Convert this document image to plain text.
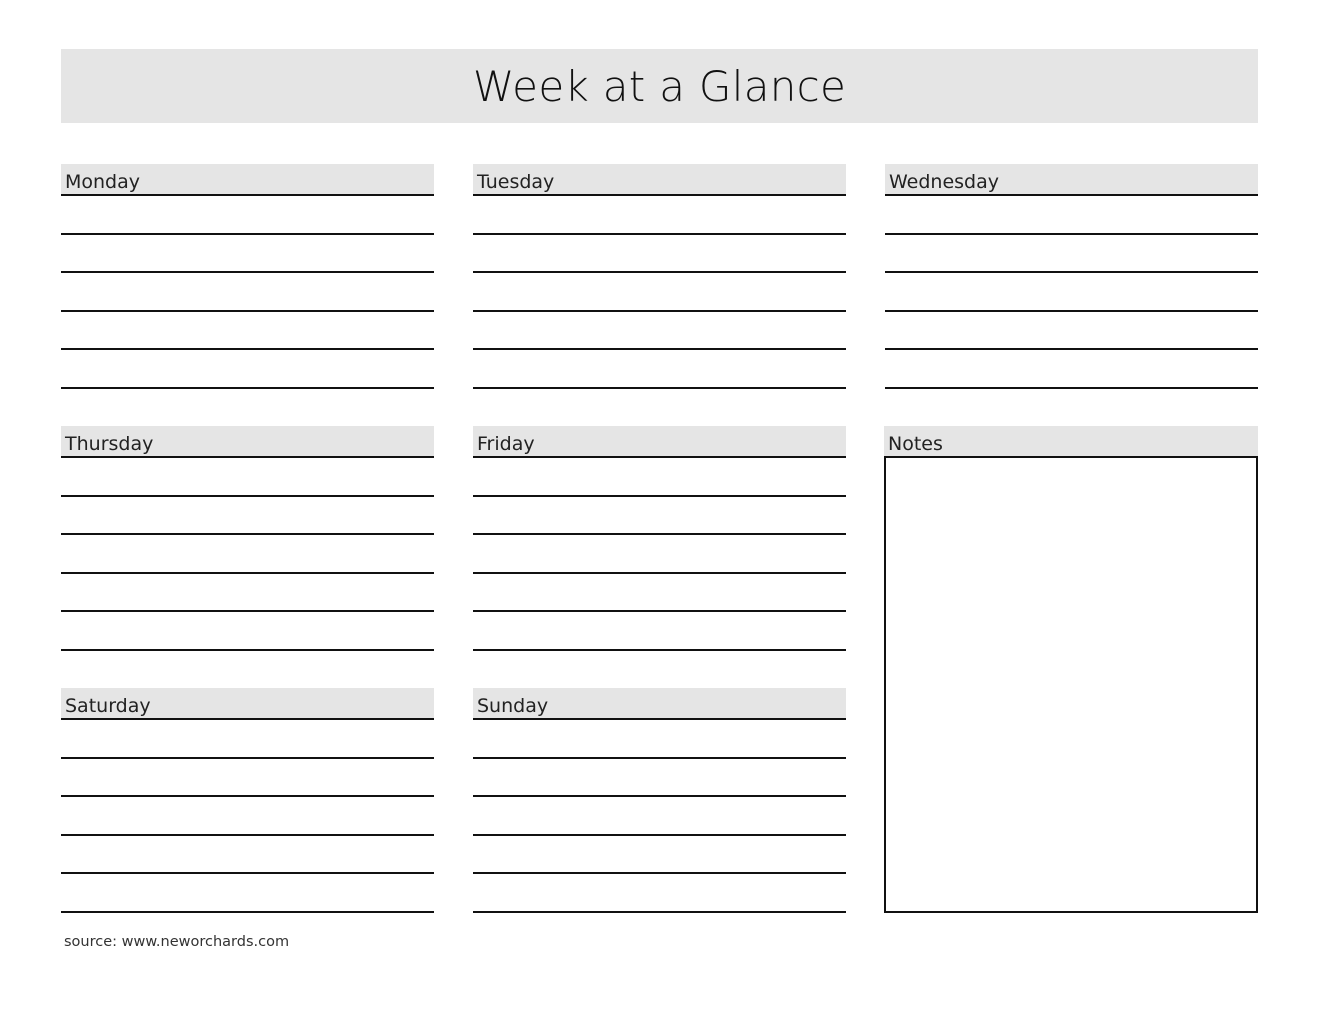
Week at a Glance
Monday	Tuesday	Wednesday
Thursday	Friday	Notes
Saturday	Sunday
source: www.neworchards.com
